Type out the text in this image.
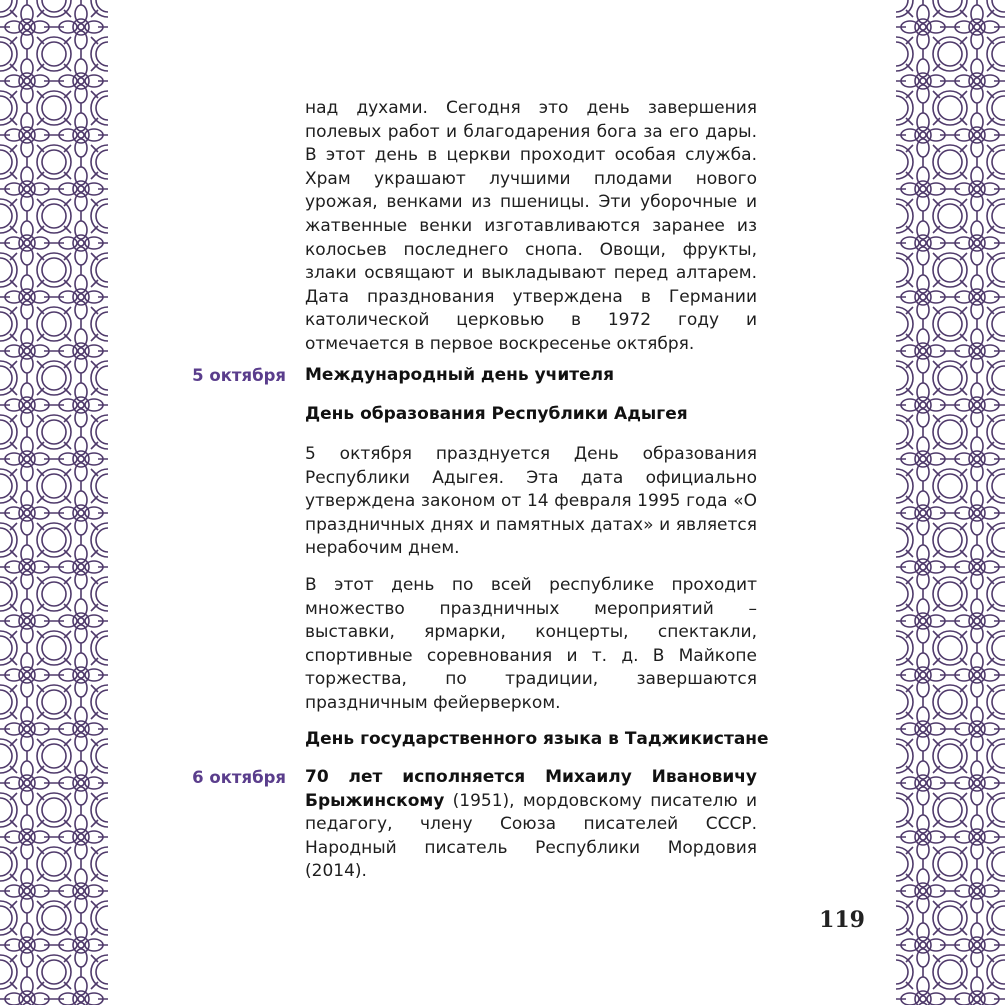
над духами. Сегодня это день завершения полевых работ и благодарения бога за его дары. В этот день в церкви проходит особая служба. Храм украшают лучшими плодами нового урожая, венками из пшеницы. Эти уборочные и жатвенные венки изготавливаются заранее из колосьев последнего снопа. Овощи, фрукты, злаки освящают и выкладывают перед алтарем. Дата празднования утверждена в Германии католической церковью в 1972 году и отмечается в первое воскресенье октября.

5 октября Международный день учителя

День образования Республики Адыгея

5 октября празднуется День образования Республики Адыгея. Эта дата официально утверждена законом от 14 февраля 1995 года «О праздничных днях и памятных датах» и является нерабочим днем.

В этот день по всей республике проходит множество праздничных мероприятий – выставки, ярмарки, концерты, спектакли, спортивные соревнования и т. д. В Майкопе торжества, по традиции, завершаются праздничным фейерверком.

День государственного языка в Таджикистане

6 октября 70 лет исполняется Михаилу Ивановичу Брыжинскому (1951), мордовскому писателю и педагогу, члену Союза писателей СССР. Народный писатель Республики Мордовия (2014).

119
